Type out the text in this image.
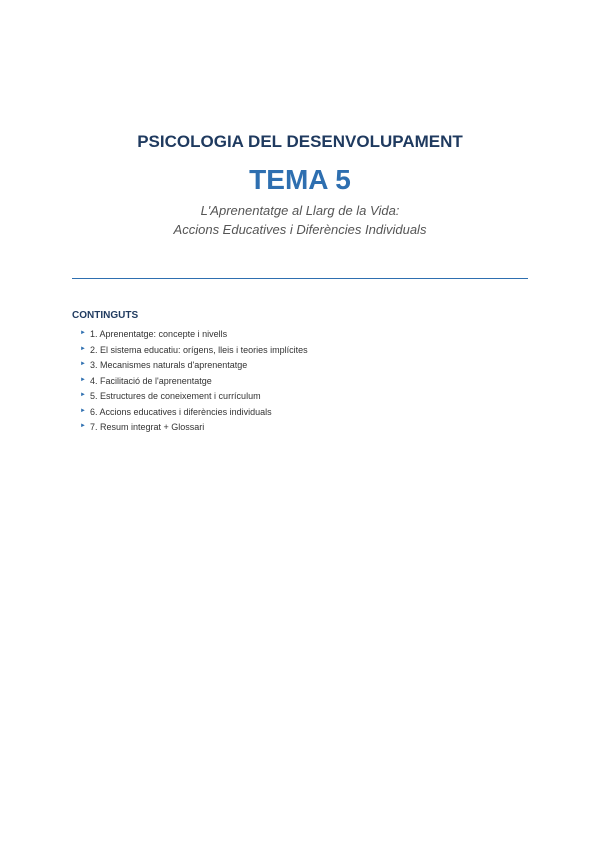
PSICOLOGIA DEL DESENVOLUPAMENT
TEMA 5
L'Aprenentatge al Llarg de la Vida:
Accions Educatives i Diferències Individuals
CONTINGUTS
► 1. Aprenentatge: concepte i nivells
► 2. El sistema educatiu: orígens, lleis i teories implícites
► 3. Mecanismes naturals d'aprenentatge
► 4. Facilitació de l'aprenentatge
► 5. Estructures de coneixement i currículum
► 6. Accions educatives i diferències individuals
► 7. Resum integrat + Glossari
